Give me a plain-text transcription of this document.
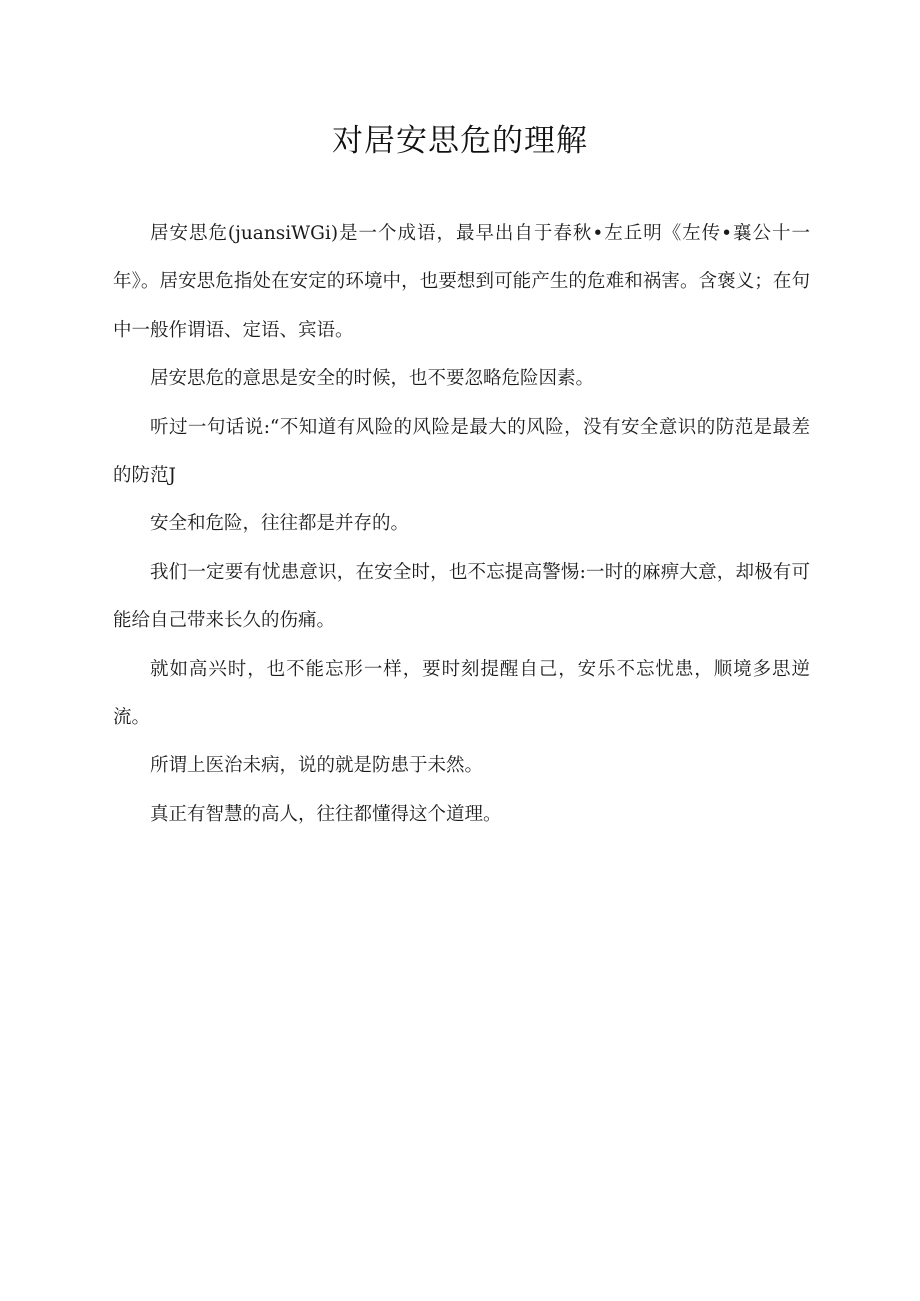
对居安思危的理解

居安思危(juansiWGi)是一个成语，最早出自于春秋•左丘明《左传•襄公十一年》。居安思危指处在安定的环境中，也要想到可能产生的危难和祸害。含褒义；在句中一般作谓语、定语、宾语。

居安思危的意思是安全的时候，也不要忽略危险因素。

听过一句话说:“不知道有风险的风险是最大的风险，没有安全意识的防范是最差的防范J

安全和危险，往往都是并存的。

我们一定要有忧患意识，在安全时，也不忘提高警惕:一时的麻痹大意，却极有可能给自己带来长久的伤痛。

就如高兴时，也不能忘形一样，要时刻提醒自己，安乐不忘忧患，顺境多思逆流。

所谓上医治未病，说的就是防患于未然。

真正有智慧的高人，往往都懂得这个道理。
